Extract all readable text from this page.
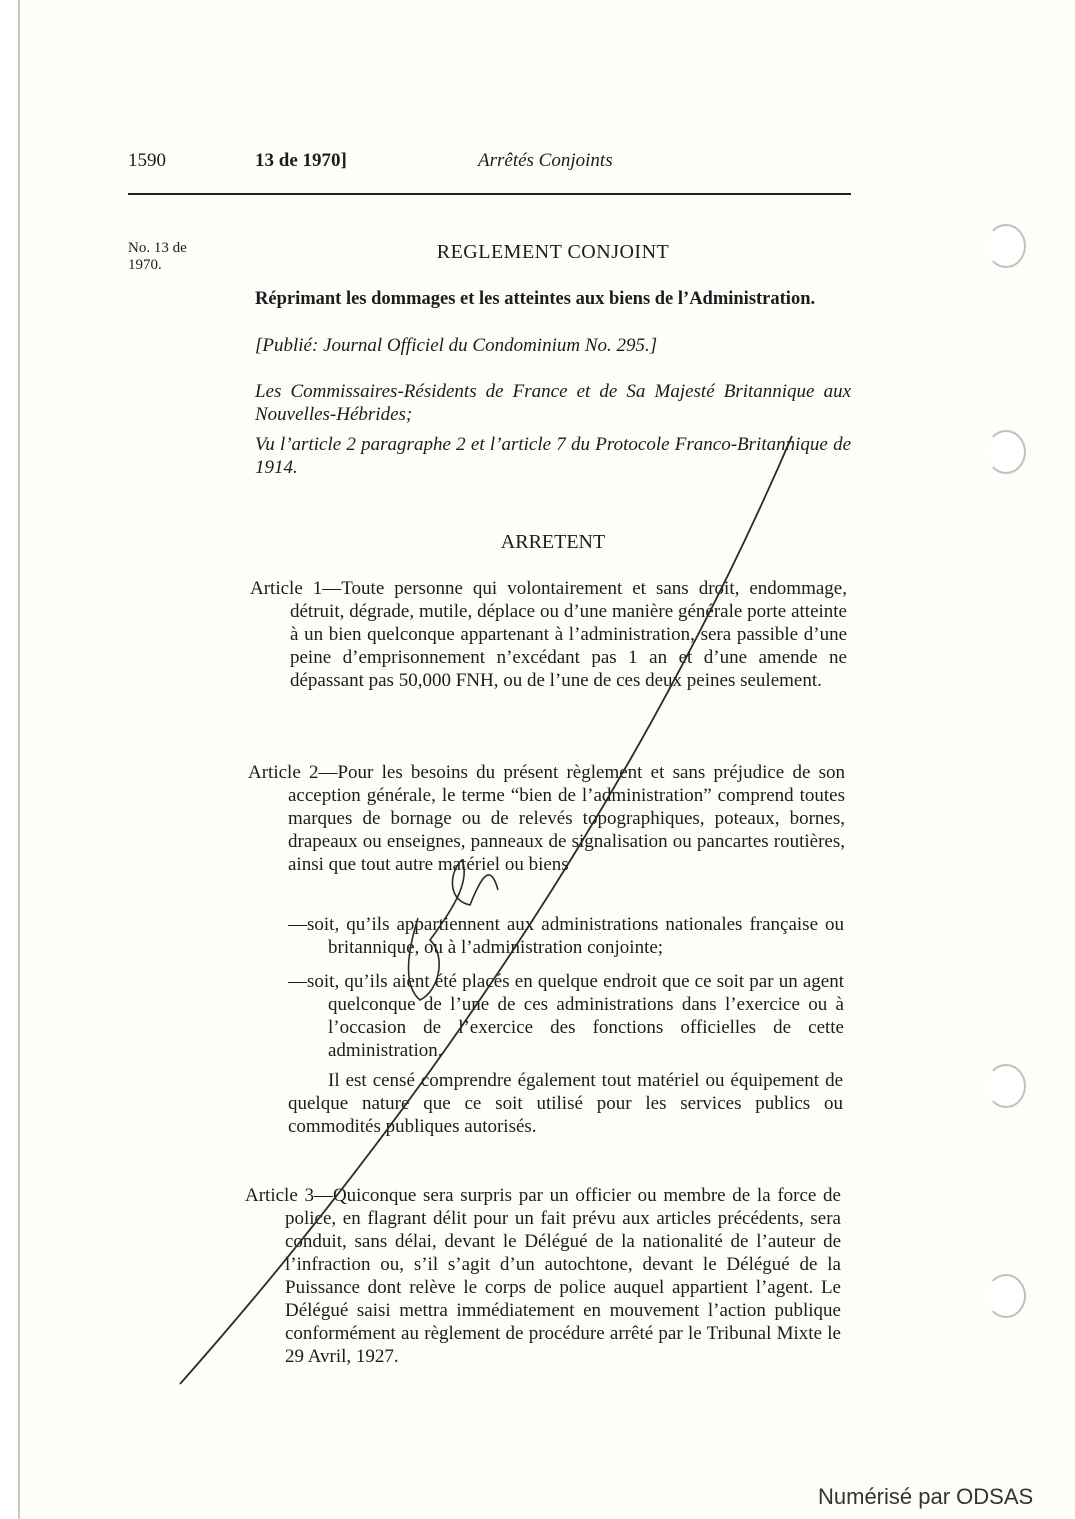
1590	13 de 1970]	Arrêtés Conjoints
No. 13 de
1970.
REGLEMENT CONJOINT
Réprimant les dommages et les atteintes aux biens de l’Administration.
[Publié: Journal Officiel du Condominium No. 295.]
Les Commissaires-Résidents de France et de Sa Majesté Britannique aux Nouvelles-Hébrides;
Vu l’article 2 paragraphe 2 et l’article 7 du Protocole Franco-Britannique de 1914.
ARRETENT
Article 1—Toute personne qui volontairement et sans droit, endommage, détruit, dégrade, mutile, déplace ou d’une manière générale porte atteinte à un bien quelconque appartenant à l’administration, sera passible d’une peine d’emprisonnement n’excédant pas 1 an et d’une amende ne dépassant pas 50,000 FNH, ou de l’une de ces deux peines seulement.
Article 2—Pour les besoins du présent règlement et sans préjudice de son acception générale, le terme “bien de l’administration” comprend toutes marques de bornage ou de relevés topographiques, poteaux, bornes, drapeaux ou enseignes, panneaux de signalisation ou pancartes routières, ainsi que tout autre matériel ou biens
—soit, qu’ils appartiennent aux administrations nationales française ou britannique, ou à l’administration conjointe;
—soit, qu’ils aient été placés en quelque endroit que ce soit par un agent quelconque de l’une de ces administrations dans l’exercice ou à l’occasion de l’exercice des fonctions officielles de cette administration.
Il est censé comprendre également tout matériel ou équipement de quelque nature que ce soit utilisé pour les services publics ou commodités publiques autorisés.
Article 3—Quiconque sera surpris par un officier ou membre de la force de police, en flagrant délit pour un fait prévu aux articles précédents, sera conduit, sans délai, devant le Délégué de la nationalité de l’auteur de l’infraction ou, s’il s’agit d’un autochtone, devant le Délégué de la Puissance dont relève le corps de police auquel appartient l’agent. Le Délégué saisi mettra immédiatement en mouvement l’action publique conformément au règlement de procédure arrêté par le Tribunal Mixte le 29 Avril, 1927.
Numérisé par ODSAS
